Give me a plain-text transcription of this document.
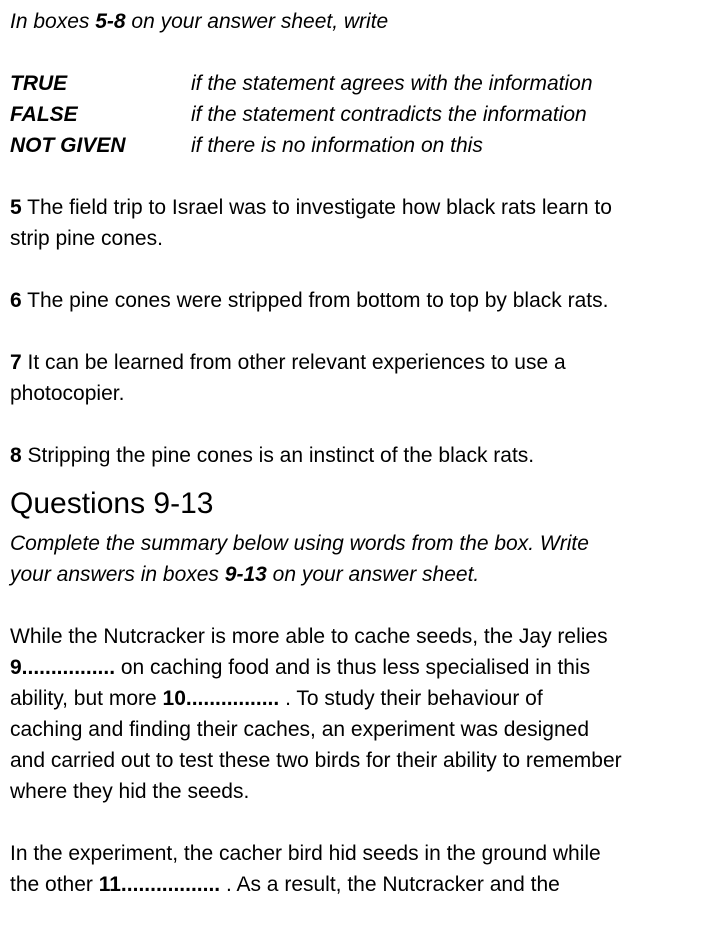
In boxes 5-8 on your answer sheet, write
TRUE	if the statement agrees with the information
FALSE	if the statement contradicts the information
NOT GIVEN	if there is no information on this
5 The field trip to Israel was to investigate how black rats learn to
strip pine cones.
6 The pine cones were stripped from bottom to top by black rats.
7 It can be learned from other relevant experiences to use a
photocopier.
8 Stripping the pine cones is an instinct of the black rats.
Questions 9-13
Complete the summary below using words from the box. Write
your answers in boxes 9-13 on your answer sheet.
While the Nutcracker is more able to cache seeds, the Jay relies
9................ on caching food and is thus less specialised in this
ability, but more 10................ . To study their behaviour of
caching and finding their caches, an experiment was designed
and carried out to test these two birds for their ability to remember
where they hid the seeds.
In the experiment, the cacher bird hid seeds in the ground while
the other 11................. . As a result, the Nutcracker and the
